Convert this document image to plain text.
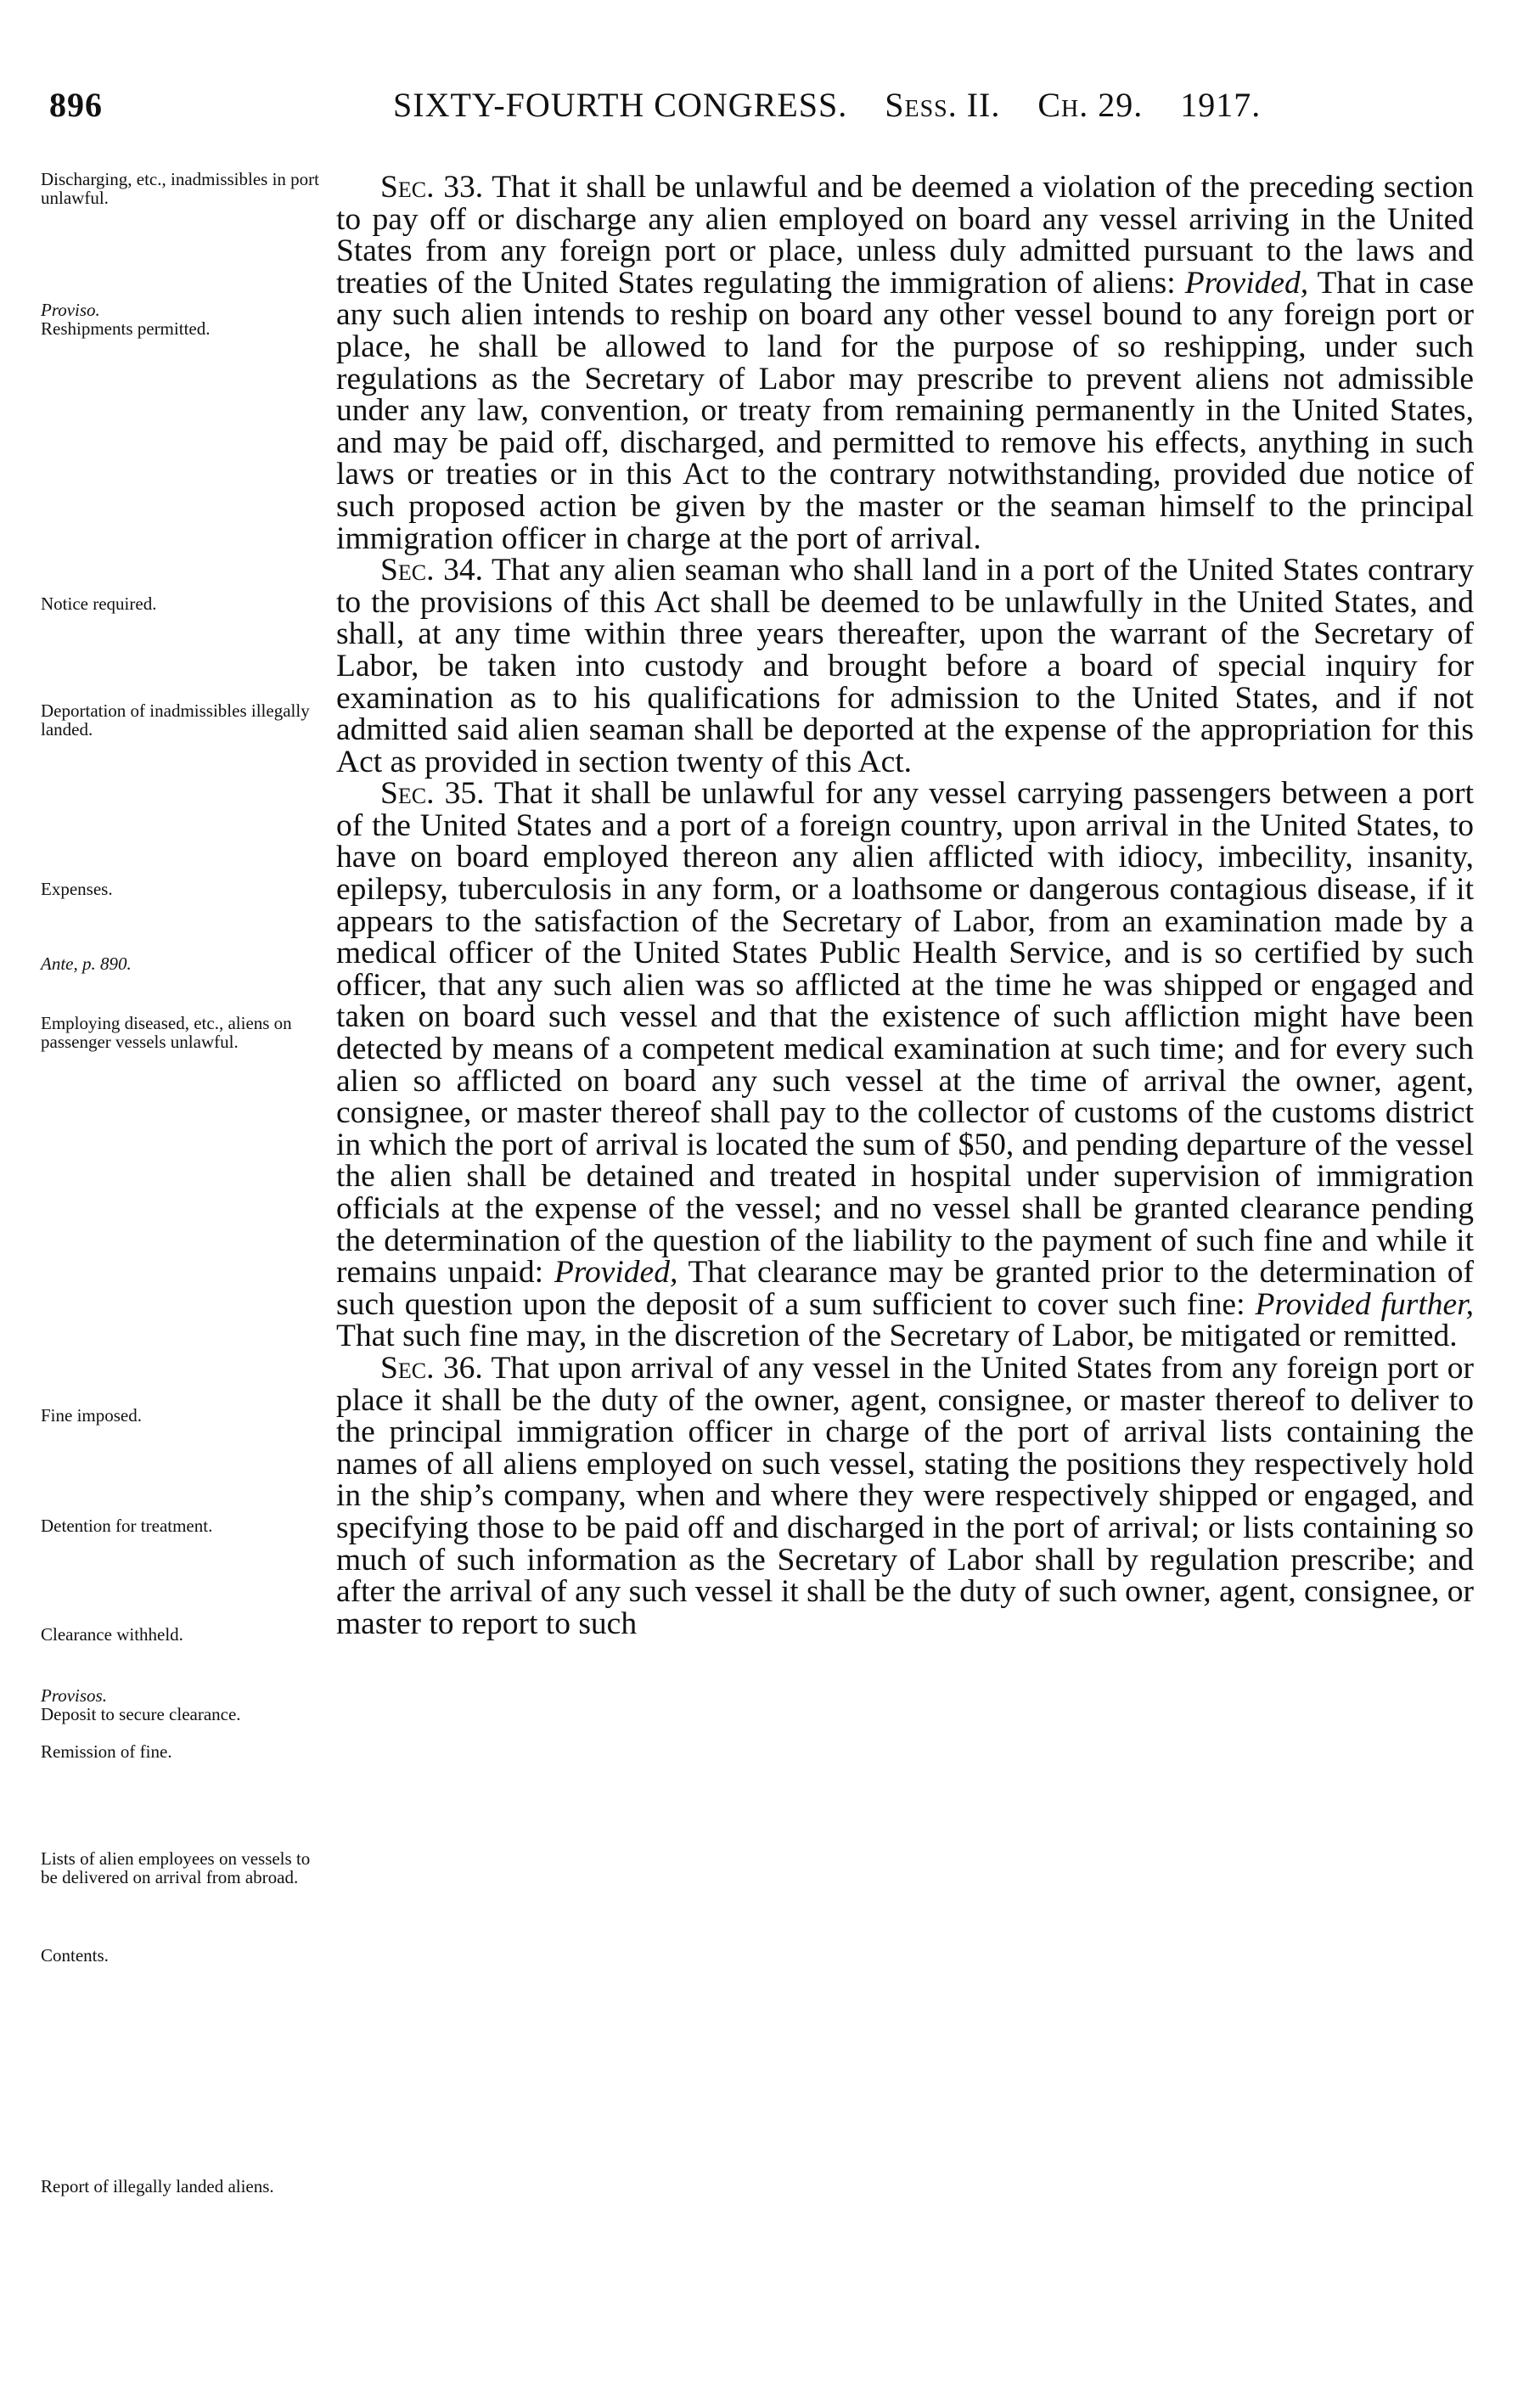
896	SIXTY-FOURTH CONGRESS. Sess. II. Ch. 29. 1917.
Discharging, etc., inadmissibles in port unlawful.
Proviso.
Reshipments permitted.
Notice required.
Deportation of inadmissibles illegally landed.
Expenses.
Ante, p. 890.
Employing diseased, etc., aliens on passenger vessels unlawful.
Fine imposed.
Detention for treatment.
Clearance withheld.
Provisos.
Deposit to secure clearance.
Remission of fine.
Lists of alien employees on vessels to be delivered on arrival from abroad.
Contents.
Report of illegally landed aliens.

Sec. 33. That it shall be unlawful and be deemed a violation of the preceding section to pay off or discharge any alien employed on board any vessel arriving in the United States from any foreign port or place, unless duly admitted pursuant to the laws and treaties of the United States regulating the immigration of aliens: Provided, That in case any such alien intends to reship on board any other vessel bound to any foreign port or place, he shall be allowed to land for the purpose of so reshipping, under such regulations as the Secretary of Labor may prescribe to prevent aliens not admissible under any law, convention, or treaty from remaining permanently in the United States, and may be paid off, discharged, and permitted to remove his effects, anything in such laws or treaties or in this Act to the contrary notwithstanding, provided due notice of such proposed action be given by the master or the seaman himself to the principal immigration officer in charge at the port of arrival.

Sec. 34. That any alien seaman who shall land in a port of the United States contrary to the provisions of this Act shall be deemed to be unlawfully in the United States, and shall, at any time within three years thereafter, upon the warrant of the Secretary of Labor, be taken into custody and brought before a board of special inquiry for examination as to his qualifications for admission to the United States, and if not admitted said alien seaman shall be deported at the expense of the appropriation for this Act as provided in section twenty of this Act.

Sec. 35. That it shall be unlawful for any vessel carrying passengers between a port of the United States and a port of a foreign country, upon arrival in the United States, to have on board employed thereon any alien afflicted with idiocy, imbecility, insanity, epilepsy, tuberculosis in any form, or a loathsome or dangerous contagious disease, if it appears to the satisfaction of the Secretary of Labor, from an examination made by a medical officer of the United States Public Health Service, and is so certified by such officer, that any such alien was so afflicted at the time he was shipped or engaged and taken on board such vessel and that the existence of such affliction might have been detected by means of a competent medical examination at such time; and for every such alien so afflicted on board any such vessel at the time of arrival the owner, agent, consignee, or master thereof shall pay to the collector of customs of the customs district in which the port of arrival is located the sum of $50, and pending departure of the vessel the alien shall be detained and treated in hospital under supervision of immigration officials at the expense of the vessel; and no vessel shall be granted clearance pending the determination of the question of the liability to the payment of such fine and while it remains unpaid: Provided, That clearance may be granted prior to the determination of such question upon the deposit of a sum sufficient to cover such fine: Provided further, That such fine may, in the discretion of the Secretary of Labor, be mitigated or remitted.

Sec. 36. That upon arrival of any vessel in the United States from any foreign port or place it shall be the duty of the owner, agent, consignee, or master thereof to deliver to the principal immigration officer in charge of the port of arrival lists containing the names of all aliens employed on such vessel, stating the positions they respectively hold in the ship’s company, when and where they were respectively shipped or engaged, and specifying those to be paid off and discharged in the port of arrival; or lists containing so much of such information as the Secretary of Labor shall by regulation prescribe; and after the arrival of any such vessel it shall be the duty of such owner, agent, consignee, or master to report to such
